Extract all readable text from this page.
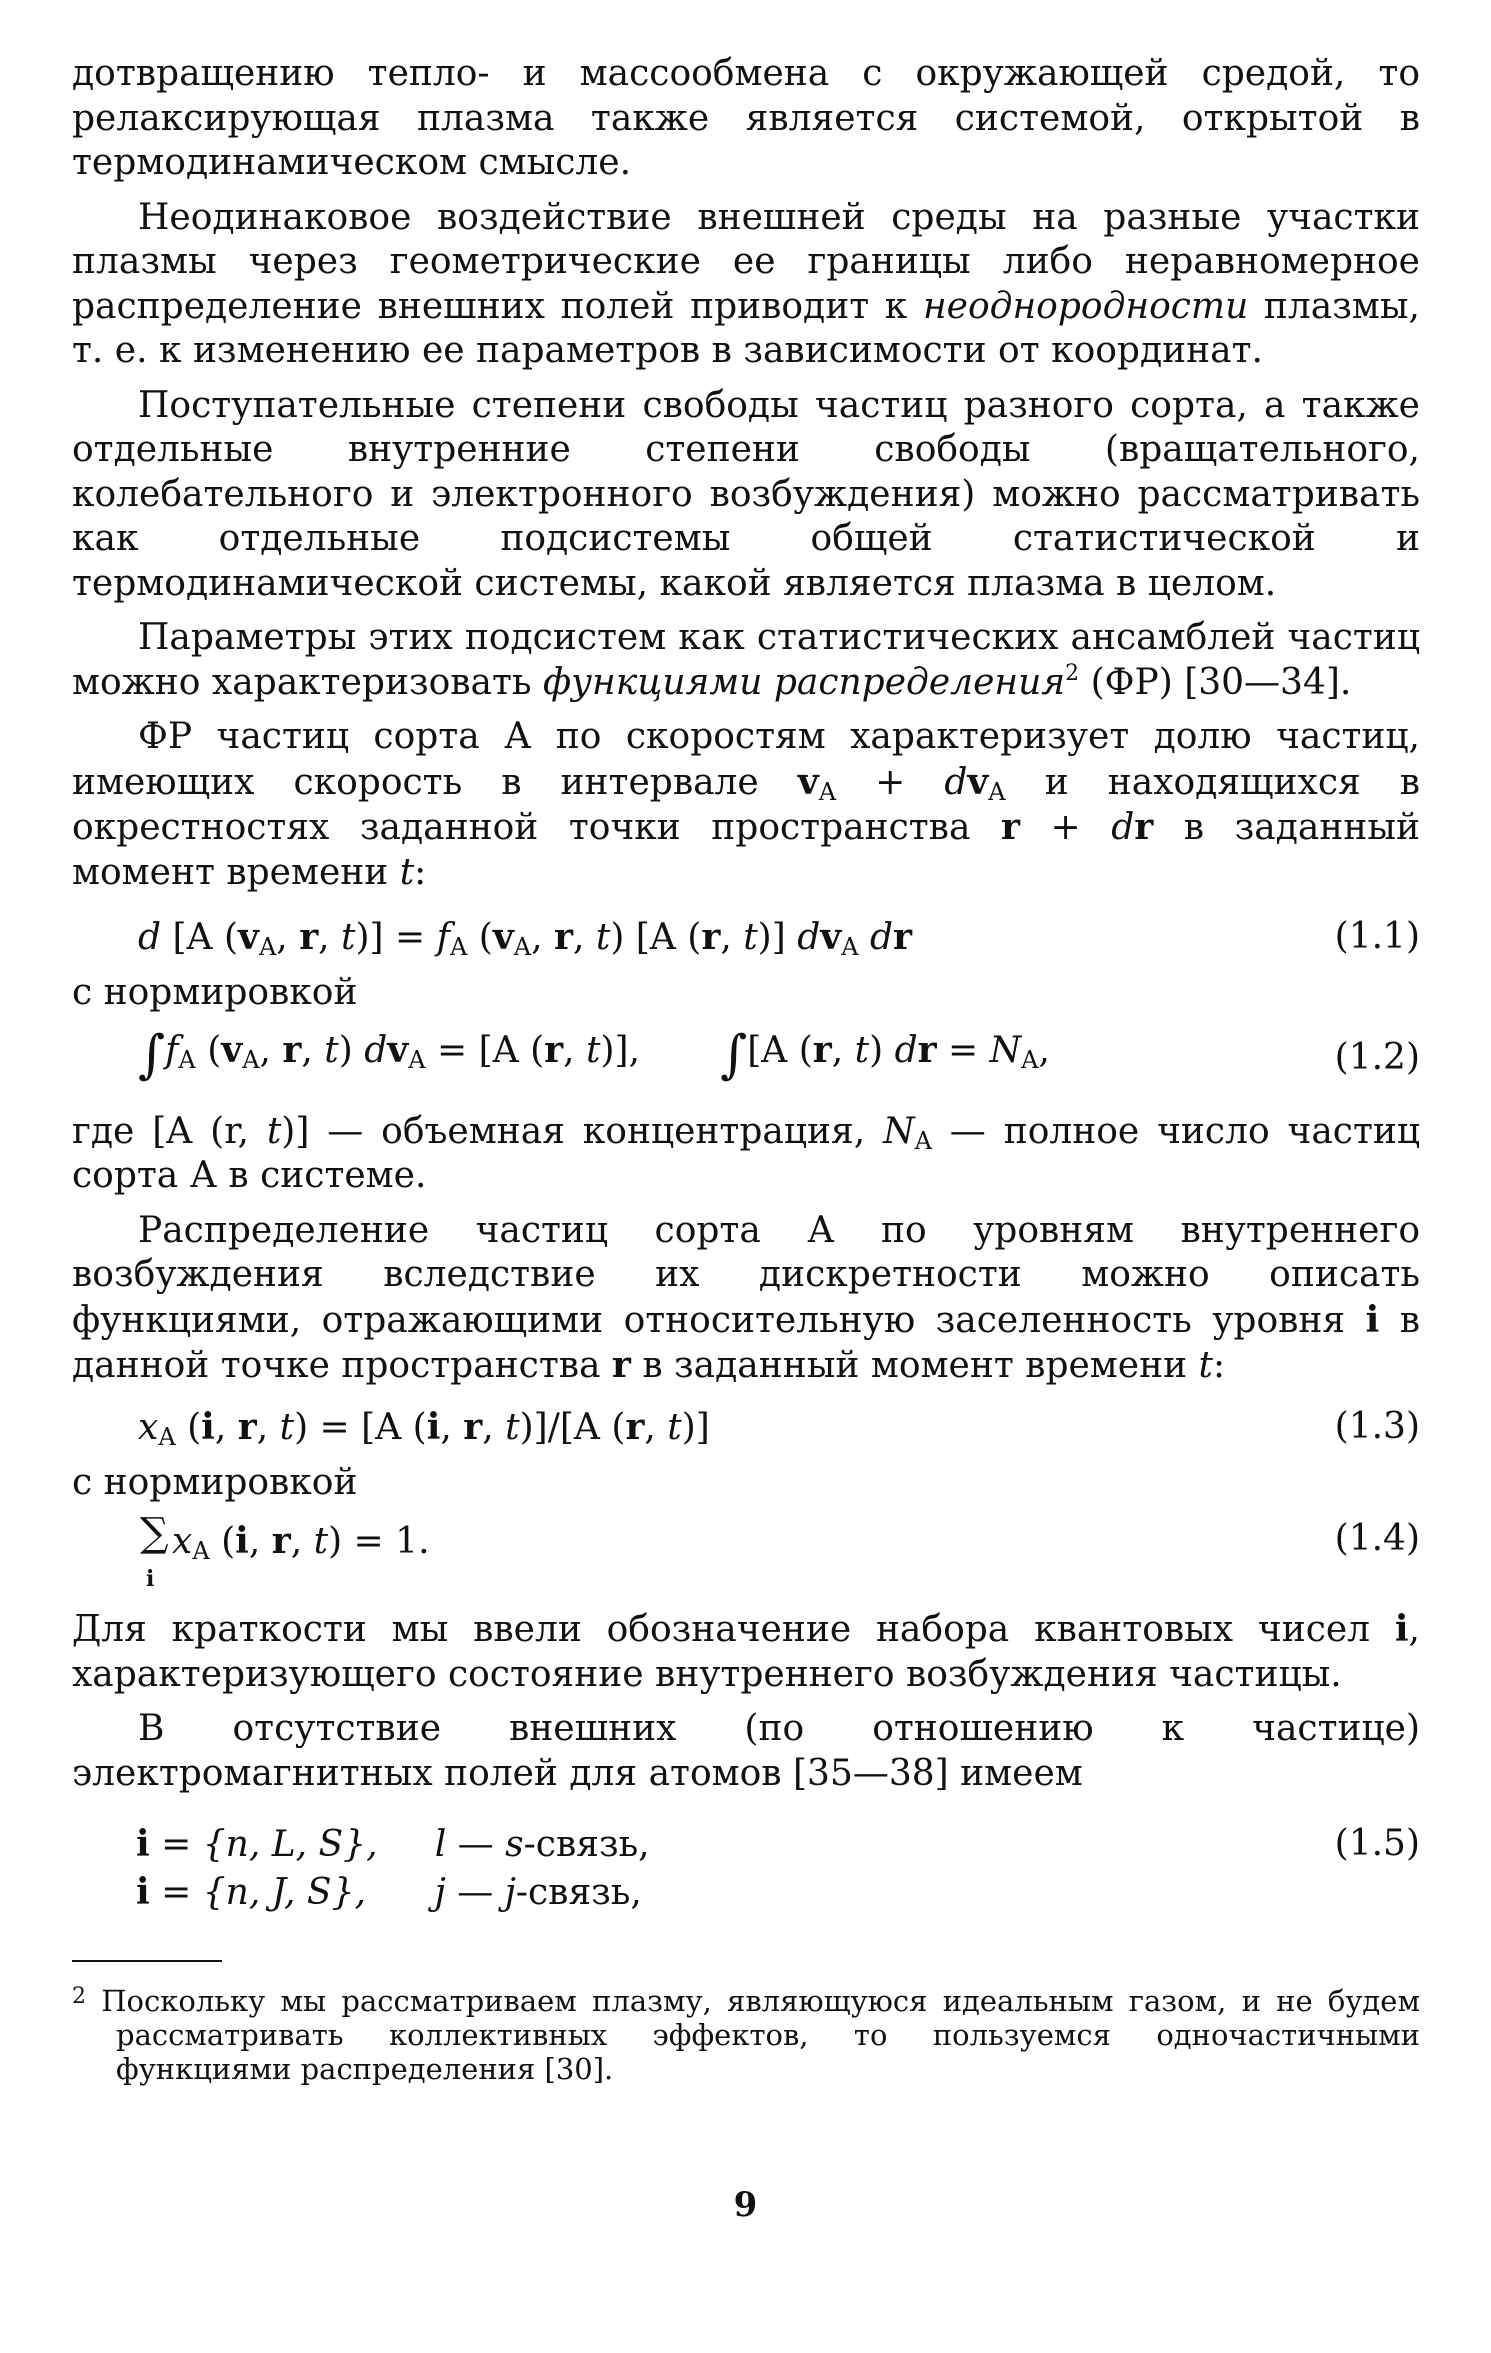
дотвращению тепло- и массообмена с окружающей средой, то релаксирующая плазма также является системой, открытой в термодинамическом смысле.

Неодинаковое воздействие внешней среды на разные участки плазмы через геометрические ее границы либо неравномерное распределение внешних полей приводит к неоднородности плазмы, т. е. к изменению ее параметров в зависимости от координат.

Поступательные степени свободы частиц разного сорта, а также отдельные внутренние степени свободы (вращательного, колебательного и электронного возбуждения) можно рассматривать как отдельные подсистемы общей статистической и термодинамической системы, какой является плазма в целом.

Параметры этих подсистем как статистических ансамблей частиц можно характеризовать функциями распределения$^2$ (ФР) [30—34].

ФР частиц сорта А по скоростям характеризует долю частиц, имеющих скорость в интервале $v_A + dv_A$ и находящихся в окрестностях заданной точки пространства r + dr в заданный момент времени t:

d [A ($v_A$, r, $t)] = f_A$ ($v_A$, r, t) [A (r, t)] $dv_A$ dr	(1.1)

с нормировкой

$\int f_A$ ($v_A$, r, t) $dv_A = [A$ (r, t)],       ∫[A (r, t) dr = $N_A$,	(1.2)

где [A (r, t)] — объемная концентрация, $N_A$ — полное число частиц сорта А в системе.

Распределение частиц сорта А по уровням внутреннего возбуждения вследствие их дискретности можно описать функциями, отражающими относительную заселенность уровня i в данной точке пространства r в заданный момент времени t:

$x_A$ (i, r, t) = [A (i, r, t)]/[A (r, t)]	(1.3)

с нормировкой

∑
i
$x_A$ (i, r, t) = 1.	(1.4)

Для краткости мы ввели обозначение набора квантовых чисел i, характеризующего состояние внутреннего возбуждения частицы.

В отсутствие внешних (по отношению к частице) электромагнитных полей для атомов [35—38] имеем

i = {n, L, S}, l — s-связь,	(1.5)
i = {n, J, S}, j — j-связь,

$^2$ Поскольку мы рассматриваем плазму, являющуюся идеальным газом, и не будем рассматривать коллективных эффектов, то пользуемся одночастичными функциями распределения [30].

9
